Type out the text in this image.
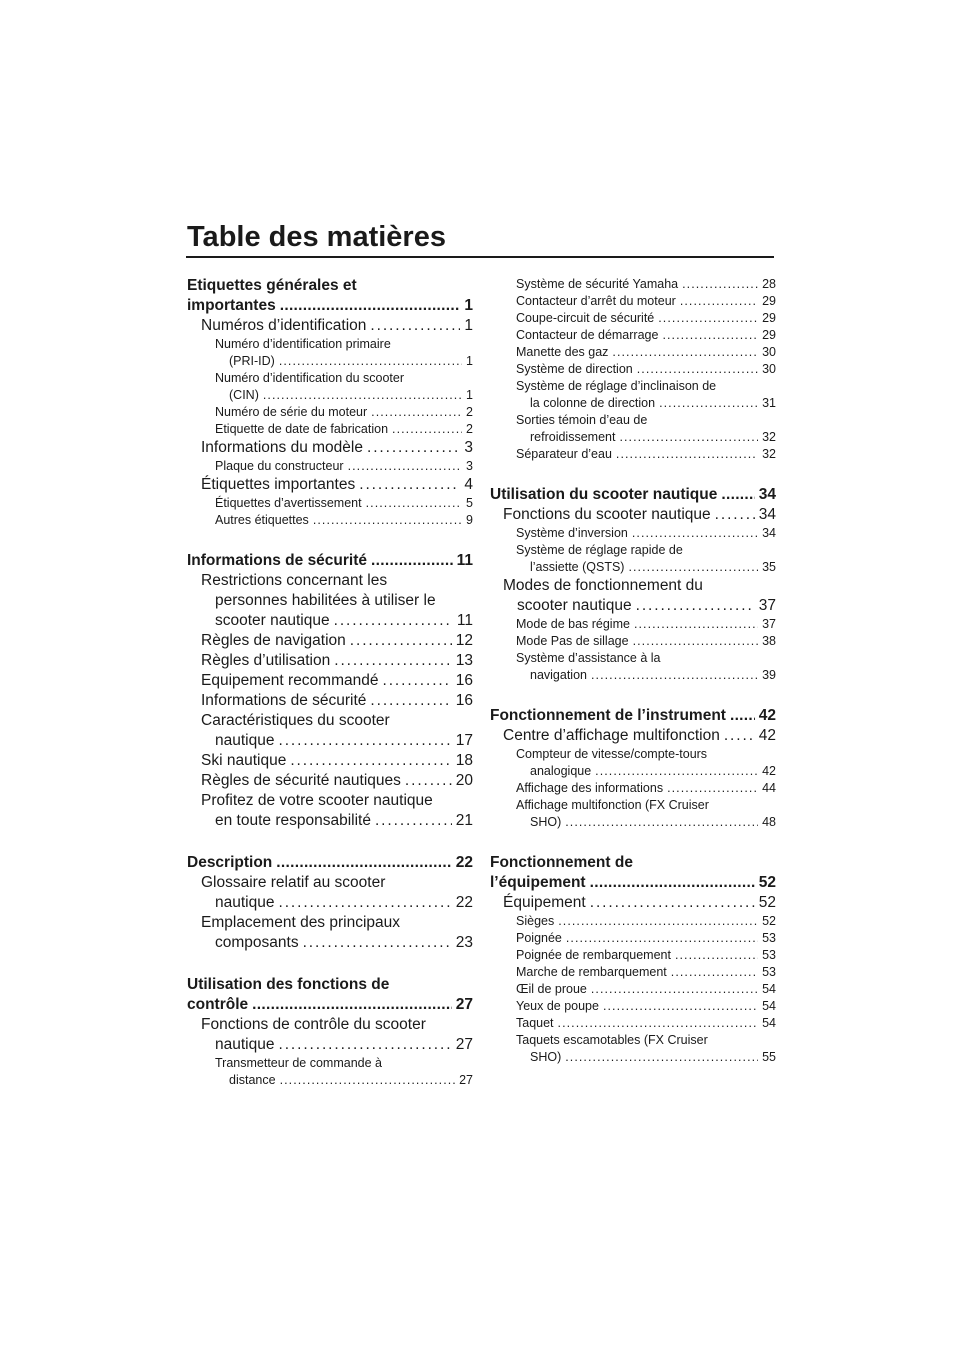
Table des matières
Etiquettes générales et
importantes . . .	1
Numéros d’identification . . .	1
Numéro d’identification primaire
(PRI-ID) . . .	1
Numéro d’identification du scooter
(CIN) . . .	1
Numéro de série du moteur . . .	2
Etiquette de date de fabrication . . .	2
Informations du modèle . . .	3
Plaque du constructeur . . .	3
Étiquettes importantes . . .	4
Étiquettes d’avertissement . . .	5
Autres étiquettes . . .	9
Informations de sécurité . . .	11
Restrictions concernant les
personnes habilitées à utiliser le
scooter nautique . . .	11
Règles de navigation . . .	12
Règles d’utilisation . . .	13
Equipement recommandé . . .	16
Informations de sécurité . . .	16
Caractéristiques du scooter
nautique . . .	17
Ski nautique . . .	18
Règles de sécurité nautiques . . .	20
Profitez de votre scooter nautique
en toute responsabilité . . .	21
Description . . .	22
Glossaire relatif au scooter
nautique . . .	22
Emplacement des principaux
composants . . .	23
Utilisation des fonctions de
contrôle . . .	27
Fonctions de contrôle du scooter
nautique . . .	27
Transmetteur de commande à
distance . . .	27
Système de sécurité Yamaha . . .	28
Contacteur d’arrêt du moteur . . .	29
Coupe-circuit de sécurité . . .	29
Contacteur de démarrage . . .	29
Manette des gaz . . .	30
Système de direction . . .	30
Système de réglage d’inclinaison de
la colonne de direction . . .	31
Sorties témoin d’eau de
refroidissement . . .	32
Séparateur d’eau . . .	32
Utilisation du scooter nautique . . .	34
Fonctions du scooter nautique . . .	34
Système d’inversion . . .	34
Système de réglage rapide de
l’assiette (QSTS) . . .	35
Modes de fonctionnement du
scooter nautique . . .	37
Mode de bas régime . . .	37
Mode Pas de sillage . . .	38
Système d’assistance à la
navigation . . .	39
Fonctionnement de l’instrument . . . 42
Centre d’affichage multifonction . . .	42
Compteur de vitesse/compte-tours
analogique . . .	42
Affichage des informations . . .	44
Affichage multifonction (FX Cruiser
SHO) . . .	48
Fonctionnement de
l’équipement . . .	52
Équipement . . .	52
Sièges . . .	52
Poignée . . .	53
Poignée de rembarquement . . .	53
Marche de rembarquement . . .	53
Œil de proue . . .	54
Yeux de poupe . . .	54
Taquet . . .	54
Taquets escamotables (FX Cruiser
SHO) . . .	55
